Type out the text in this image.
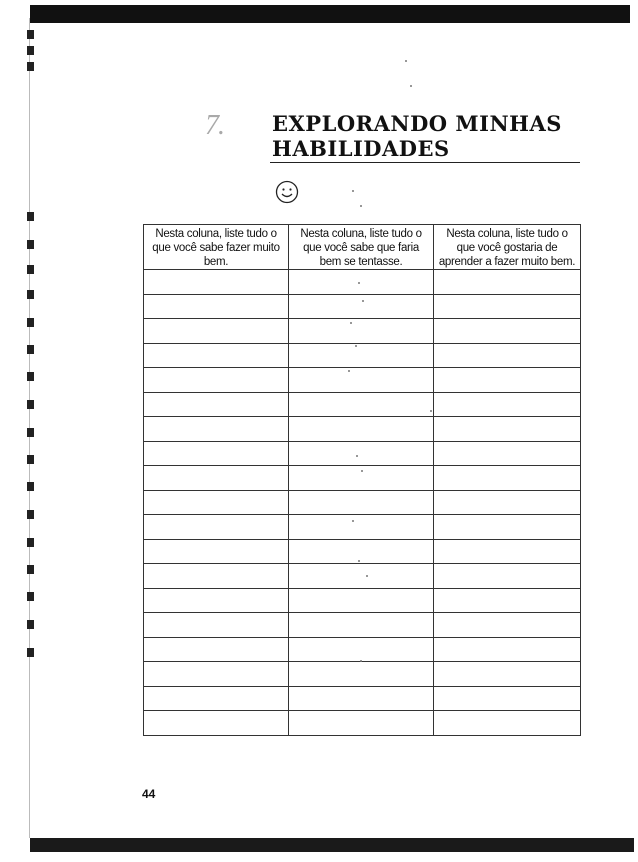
7.	EXPLORANDO MINHAS
HABILIDADES
Nesta coluna, liste tudo o que você sabe fazer muito bem.	Nesta coluna, liste tudo o que você sabe que faria bem se tentasse.	Nesta coluna, liste tudo o que você gostaria de aprender a fazer muito bem.

44
